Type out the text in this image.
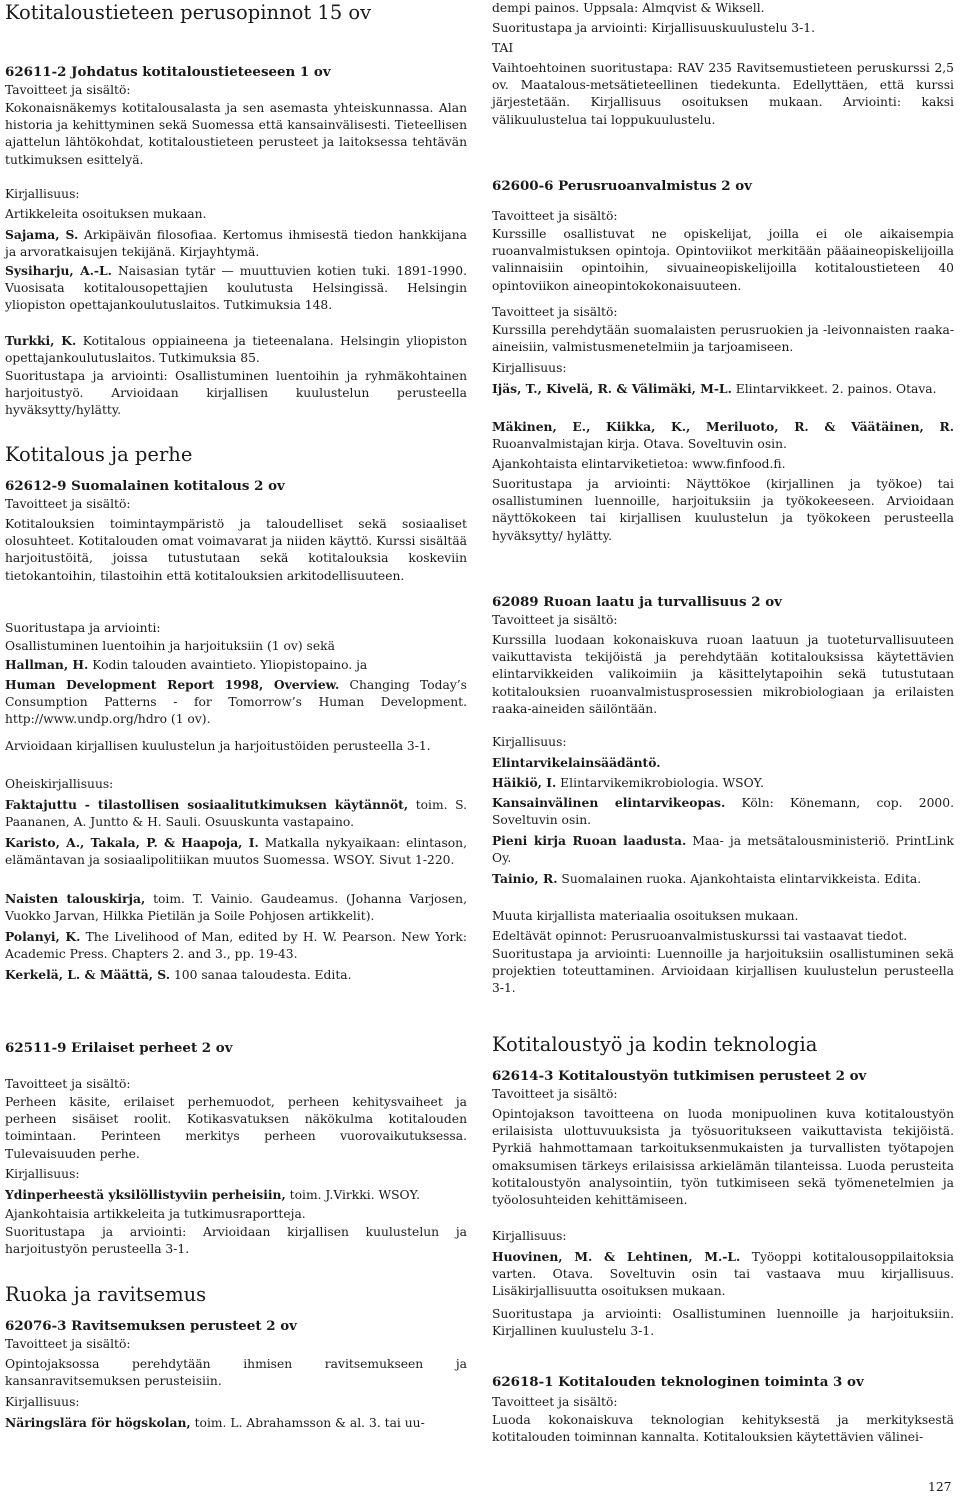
Kotitaloustieteen perusopinnot 15 ov
62611-2 Johdatus kotitaloustieteeseen 1 ov

Tavoitteet ja sisältö:

Kokonaisnäkemys kotitalousalasta ja sen asemasta yhteiskunnassa. Alan historia ja kehittyminen sekä Suomessa että kansainvälisesti. Tieteellisen ajattelun lähtökohdat, kotitaloustieteen perusteet ja laitoksessa tehtävän tutkimuksen esittelyä.

Kirjallisuus:

Artikkeleita osoituksen mukaan.

Sajama, S. Arkipäivän filosofiaa. Kertomus ihmisestä tiedon hankkijana ja arvoratkaisujen tekijänä. Kirjayhtymä.

Sysiharju, A.-L. Naisasian tytär — muuttuvien kotien tuki. 1891-1990. Vuosisata kotitalousopettajien koulutusta Helsingissä. Helsingin yliopiston opettajankoulutuslaitos. Tutkimuksia 148.

Turkki, K. Kotitalous oppiaineena ja tieteenalana. Helsingin yliopiston opettajankoulutuslaitos. Tutkimuksia 85.

Suoritustapa ja arviointi: Osallistuminen luentoihin ja ryhmäkohtainen harjoitustyö. Arvioidaan kirjallisen kuulustelun perusteella hyväksytty/hylätty.

Kotitalous ja perhe
62612-9 Suomalainen kotitalous 2 ov

Tavoitteet ja sisältö:

Kotitalouksien toimintaympäristö ja taloudelliset sekä sosiaaliset olosuhteet. Kotitalouden omat voimavarat ja niiden käyttö. Kurssi sisältää harjoitustöitä, joissa tutustutaan sekä kotitalouksia koskeviin tietokantoihin, tilastoihin että kotitalouksien arkitodellisuuteen.

Suoritustapa ja arviointi:

Osallistuminen luentoihin ja harjoituksiin (1 ov) sekä

Hallman, H. Kodin talouden avaintieto. Yliopistopaino. ja

Human Development Report 1998, Overview. Changing Today’s Consumption Patterns - for Tomorrow’s Human Development. http://www.undp.org/hdro (1 ov).

Arvioidaan kirjallisen kuulustelun ja harjoitustöiden perusteella 3-1.

Oheiskirjallisuus:

Faktajuttu - tilastollisen sosiaalitutkimuksen käytännöt, toim. S. Paananen, A. Juntto & H. Sauli. Osuuskunta vastapaino.

Karisto, A., Takala, P. & Haapoja, I. Matkalla nykyaikaan: elintason, elämäntavan ja sosiaalipolitiikan muutos Suomessa. WSOY. Sivut 1-220.

Naisten talouskirja, toim. T. Vainio. Gaudeamus. (Johanna Varjosen, Vuokko Jarvan, Hilkka Pietilän ja Soile Pohjosen artikkelit).

Polanyi, K. The Livelihood of Man, edited by H. W. Pearson. New York: Academic Press. Chapters 2. and 3., pp. 19-43.

Kerkelä, L. & Määttä, S. 100 sanaa taloudesta. Edita.

62511-9 Erilaiset perheet 2 ov

Tavoitteet ja sisältö:

Perheen käsite, erilaiset perhemuodot, perheen kehitysvaiheet ja perheen sisäiset roolit. Kotikasvatuksen näkökulma kotitalouden toimintaan. Perinteen merkitys perheen vuorovaikutuksessa. Tulevaisuuden perhe.

Kirjallisuus:

Ydinperheestä yksilöllistyviin perheisiin, toim. J.Virkki. WSOY.

Ajankohtaisia artikkeleita ja tutkimusraportteja.

Suoritustapa ja arviointi: Arvioidaan kirjallisen kuulustelun ja harjoitustyön perusteella 3-1.

Ruoka ja ravitsemus
62076-3 Ravitsemuksen perusteet 2 ov

Tavoitteet ja sisältö:

Opintojaksossa perehdytään ihmisen ravitsemukseen ja kansanravitsemuksen perusteisiin.

Kirjallisuus:

Näringslära för högskolan, toim. L. Abrahamsson & al. 3. tai uu-

dempi painos. Uppsala: Almqvist & Wiksell.

Suoritustapa ja arviointi: Kirjallisuuskuulustelu 3-1.

TAI

Vaihtoehtoinen suoritustapa: RAV 235 Ravitsemustieteen peruskurssi 2,5 ov. Maatalous-metsätieteellinen tiedekunta. Edellyttäen, että kurssi järjestetään. Kirjallisuus osoituksen mukaan. Arviointi: kaksi välikuulustelua tai loppukuulustelu.

62600-6 Perusruoanvalmistus 2 ov

Tavoitteet ja sisältö:

Kurssille osallistuvat ne opiskelijat, joilla ei ole aikaisempia ruoanvalmistuksen opintoja. Opintoviikot merkitään pääaineopiskelijoilla valinnaisiin opintoihin, sivuaineopiskelijoilla kotitaloustieteen 40 opintoviikon aineopintokokonaisuuteen.

Tavoitteet ja sisältö:

Kurssilla perehdytään suomalaisten perusruokien ja -leivonnaisten raaka-aineisiin, valmistusmenetelmiin ja tarjoamiseen.

Kirjallisuus:

Ijäs, T., Kivelä, R. & Välimäki, M-L. Elintarvikkeet. 2. painos. Otava.

Mäkinen, E., Kiikka, K., Meriluoto, R. & Väätäinen, R. Ruoanvalmistajan kirja. Otava. Soveltuvin osin.

Ajankohtaista elintarviketietoa: www.finfood.fi.

Suoritustapa ja arviointi: Näyttökoe (kirjallinen ja työkoe) tai osallistuminen luennoille, harjoituksiin ja työkokeeseen. Arvioidaan näyttökokeen tai kirjallisen kuulustelun ja työkokeen perusteella hyväksytty/ hylätty.

62089 Ruoan laatu ja turvallisuus 2 ov

Tavoitteet ja sisältö:

Kurssilla luodaan kokonaiskuva ruoan laatuun ja tuoteturvallisuuteen vaikuttavista tekijöistä ja perehdytään kotitalouksissa käytettävien elintarvikkeiden valikoimiin ja käsittelytapoihin sekä tutustutaan kotitalouksien ruoanvalmistusprosessien mikrobiologiaan ja erilaisten raaka-aineiden säilöntään.

Kirjallisuus:

Elintarvikelainsäädäntö.

Häikiö, I. Elintarvikemikrobiologia. WSOY.

Kansainvälinen elintarvikeopas. Köln: Könemann, cop. 2000. Soveltuvin osin.

Pieni kirja Ruoan laadusta. Maa- ja metsätalousministeriö. PrintLink Oy.

Tainio, R. Suomalainen ruoka. Ajankohtaista elintarvikkeista. Edita.

Muuta kirjallista materiaalia osoituksen mukaan.

Edeltävät opinnot: Perusruoanvalmistuskurssi tai vastaavat tiedot.

Suoritustapa ja arviointi: Luennoille ja harjoituksiin osallistuminen sekä projektien toteuttaminen. Arvioidaan kirjallisen kuulustelun perusteella 3-1.

Kotitaloustyö ja kodin teknologia
62614-3 Kotitaloustyön tutkimisen perusteet 2 ov

Tavoitteet ja sisältö:

Opintojakson tavoitteena on luoda monipuolinen kuva kotitaloustyön erilaisista ulottuvuuksista ja työsuoritukseen vaikuttavista tekijöistä. Pyrkiä hahmottamaan tarkoituksenmukaisten ja turvallisten työtapojen omaksumisen tärkeys erilaisissa arkielämän tilanteissa. Luoda perusteita kotitaloustyön analysointiin, työn tutkimiseen sekä työmenetelmien ja työolosuhteiden kehittämiseen.

Kirjallisuus:

Huovinen, M. & Lehtinen, M.-L. Työoppi kotitalousoppilaitoksia varten. Otava. Soveltuvin osin tai vastaava muu kirjallisuus. Lisäkirjallisuutta osoituksen mukaan.

Suoritustapa ja arviointi: Osallistuminen luennoille ja harjoituksiin. Kirjallinen kuulustelu 3-1.

62618-1 Kotitalouden teknologinen toiminta 3 ov

Tavoitteet ja sisältö:

Luoda kokonaiskuva teknologian kehityksestä ja merkityksestä kotitalouden toiminnan kannalta. Kotitalouksien käytettävien välinei-

127
